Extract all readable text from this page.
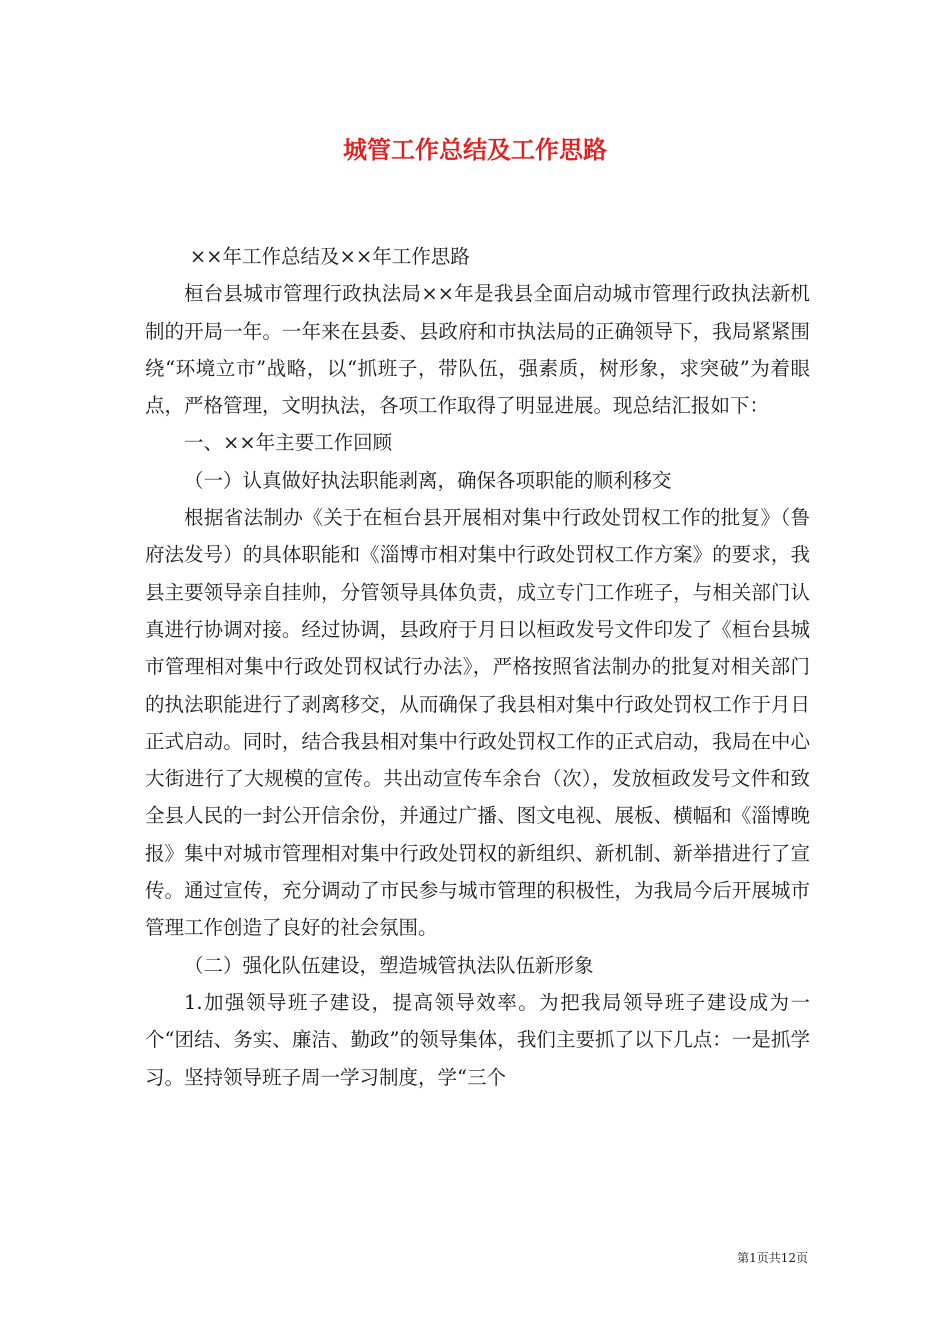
城管工作总结及工作思路

××年工作总结及××年工作思路

桓台县城市管理行政执法局××年是我县全面启动城市管理行政执法新机制的开局一年。一年来在县委、县政府和市执法局的正确领导下，我局紧紧围绕“环境立市”战略，以“抓班子，带队伍，强素质，树形象，求突破”为着眼点，严格管理，文明执法，各项工作取得了明显进展。现总结汇报如下：

一、××年主要工作回顾

（一）认真做好执法职能剥离，确保各项职能的顺利移交

根据省法制办《关于在桓台县开展相对集中行政处罚权工作的批复》（鲁府法发号）的具体职能和《淄博市相对集中行政处罚权工作方案》的要求，我县主要领导亲自挂帅，分管领导具体负责，成立专门工作班子，与相关部门认真进行协调对接。经过协调，县政府于月日以桓政发号文件印发了《桓台县城市管理相对集中行政处罚权试行办法》，严格按照省法制办的批复对相关部门的执法职能进行了剥离移交，从而确保了我县相对集中行政处罚权工作于月日正式启动。同时，结合我县相对集中行政处罚权工作的正式启动，我局在中心大街进行了大规模的宣传。共出动宣传车余台（次），发放桓政发号文件和致全县人民的一封公开信余份，并通过广播、图文电视、展板、横幅和《淄博晚报》集中对城市管理相对集中行政处罚权的新组织、新机制、新举措进行了宣传。通过宣传，充分调动了市民参与城市管理的积极性，为我局今后开展城市管理工作创造了良好的社会氛围。

（二）强化队伍建设，塑造城管执法队伍新形象

1.加强领导班子建设，提高领导效率。为把我局领导班子建设成为一个“团结、务实、廉洁、勤政”的领导集体，我们主要抓了以下几点：一是抓学习。坚持领导班子周一学习制度，学“三个

第1页共12页
